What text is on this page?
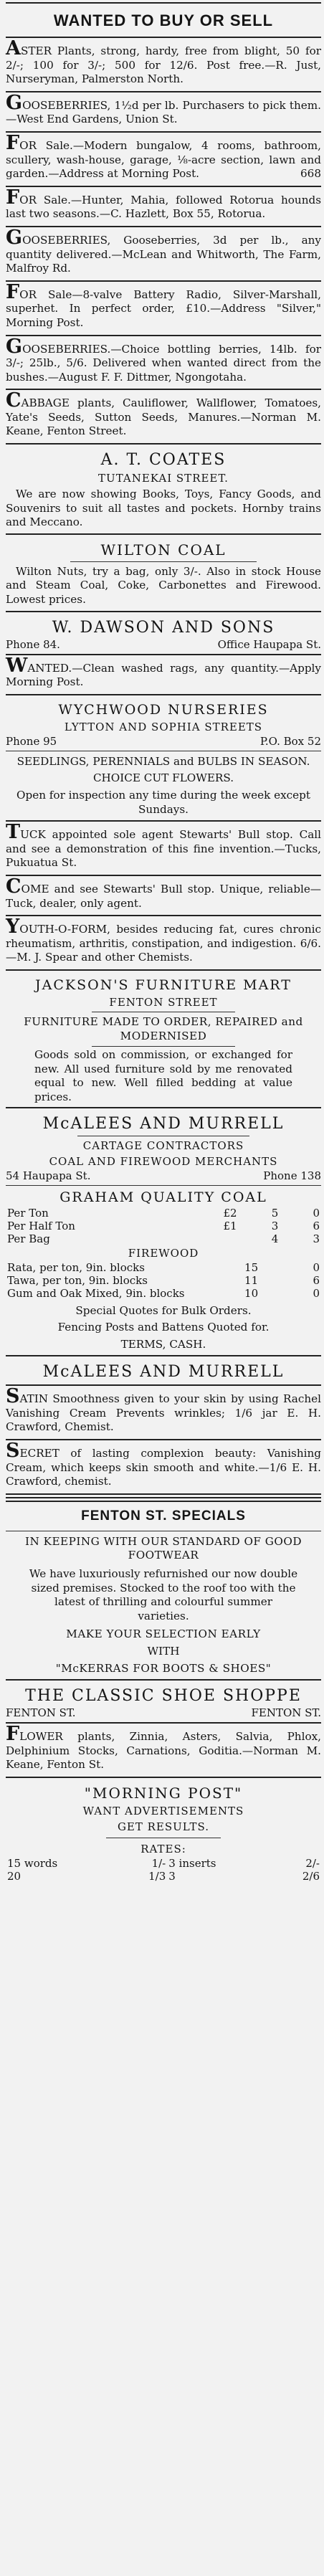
WANTED TO BUY OR SELL
ASTER Plants, strong, hardy, free from blight, 50 for 2/-; 100 for 3/-; 500 for 12/6. Post free.—R. Just, Nurseryman, Palmerston North.
GOOSEBERRIES, 1½d per lb. Purchasers to pick them.—West End Gardens, Union St.
FOR Sale.—Modern bungalow, 4 rooms, bathroom, scullery, wash-house, garage, ⅛-acre section, lawn and garden.—Address at Morning Post.	668
FOR Sale.—Hunter, Mahia, followed Rotorua hounds last two seasons.—C. Hazlett, Box 55, Rotorua.
GOOSEBERRIES, Gooseberries, 3d per lb., any quantity delivered.—McLean and Whitworth, The Farm, Malfroy Rd.
FOR Sale—8-valve Battery Radio, Silver-Marshall, superhet. In perfect order, £10.—Address "Silver," Morning Post.
GOOSEBERRIES.—Choice bottling berries, 14lb. for 3/-; 25lb., 5/6. Delivered when wanted direct from the bushes.—August F. F. Dittmer, Ngongotaha.
CABBAGE plants, Cauliflower, Wallflower, Tomatoes, Yate's Seeds, Sutton Seeds, Manures.—Norman M. Keane, Fenton Street.
A. T. COATES
TUTANEKAI STREET.
We are now showing Books, Toys, Fancy Goods, and Souvenirs to suit all tastes and pockets. Hornby trains and Meccano.
WILTON COAL
Wilton Nuts, try a bag, only 3/-. Also in stock House and Steam Coal, Coke, Carbonettes and Firewood. Lowest prices.
W. DAWSON AND SONS
Phone 84.	Office Haupapa St.
WANTED.—Clean washed rags, any quantity.—Apply Morning Post.
WYCHWOOD NURSERIES
LYTTON AND SOPHIA STREETS
Phone 95	P.O. Box 52
SEEDLINGS, PERENNIALS and BULBS IN SEASON.
CHOICE CUT FLOWERS.
Open for inspection any time during the week except Sundays.
TUCK appointed sole agent Stewarts' Bull stop. Call and see a demonstration of this fine invention.—Tucks, Pukuatua St.
COME and see Stewarts' Bull stop. Unique, reliable—Tuck, dealer, only agent.
YOUTH-O-FORM, besides reducing fat, cures chronic rheumatism, arthritis, constipation, and indigestion. 6/6.—M. J. Spear and other Chemists.
JACKSON'S FURNITURE MART
FENTON STREET
FURNITURE MADE TO ORDER, REPAIRED and MODERNISED
Goods sold on commission, or exchanged for new. All used furniture sold by me renovated equal to new. Well filled bedding at value prices.
McALEES AND MURRELL
CARTAGE CONTRACTORS
COAL AND FIREWOOD MERCHANTS
54 Haupapa St.	Phone 138
GRAHAM QUALITY COAL
Per Ton	£2	5	0
Per Half Ton	£1	3	6
Per Bag		4	3
FIREWOOD
Rata, per ton, 9in. blocks	15	0
Tawa, per ton, 9in. blocks	11	6
Gum and Oak Mixed, 9in. blocks	10	0
Special Quotes for Bulk Orders.
Fencing Posts and Battens Quoted for.
TERMS, CASH.
McALEES AND MURRELL
SATIN Smoothness given to your skin by using Rachel Vanishing Cream Prevents wrinkles; 1/6 jar E. H. Crawford, Chemist.
SECRET of lasting complexion beauty: Vanishing Cream, which keeps skin smooth and white.—1/6 E. H. Crawford, chemist.
FENTON ST. SPECIALS
IN KEEPING WITH OUR STANDARD OF GOOD FOOTWEAR
We have luxuriously refurnished our now double sized premises. Stocked to the roof too with the latest of thrilling and colourful summer varieties.
MAKE YOUR SELECTION EARLY
WITH
"McKERRAS FOR BOOTS & SHOES"
THE CLASSIC SHOE SHOPPE
FENTON ST.	FENTON ST.
FLOWER plants, Zinnia, Asters, Salvia, Phlox, Delphinium Stocks, Carnations, Goditia.—Norman M. Keane, Fenton St.
"MORNING POST"
WANT ADVERTISEMENTS
GET RESULTS.
RATES:
15 words	1/-	3 inserts	2/-
20	1/3	3	2/6
